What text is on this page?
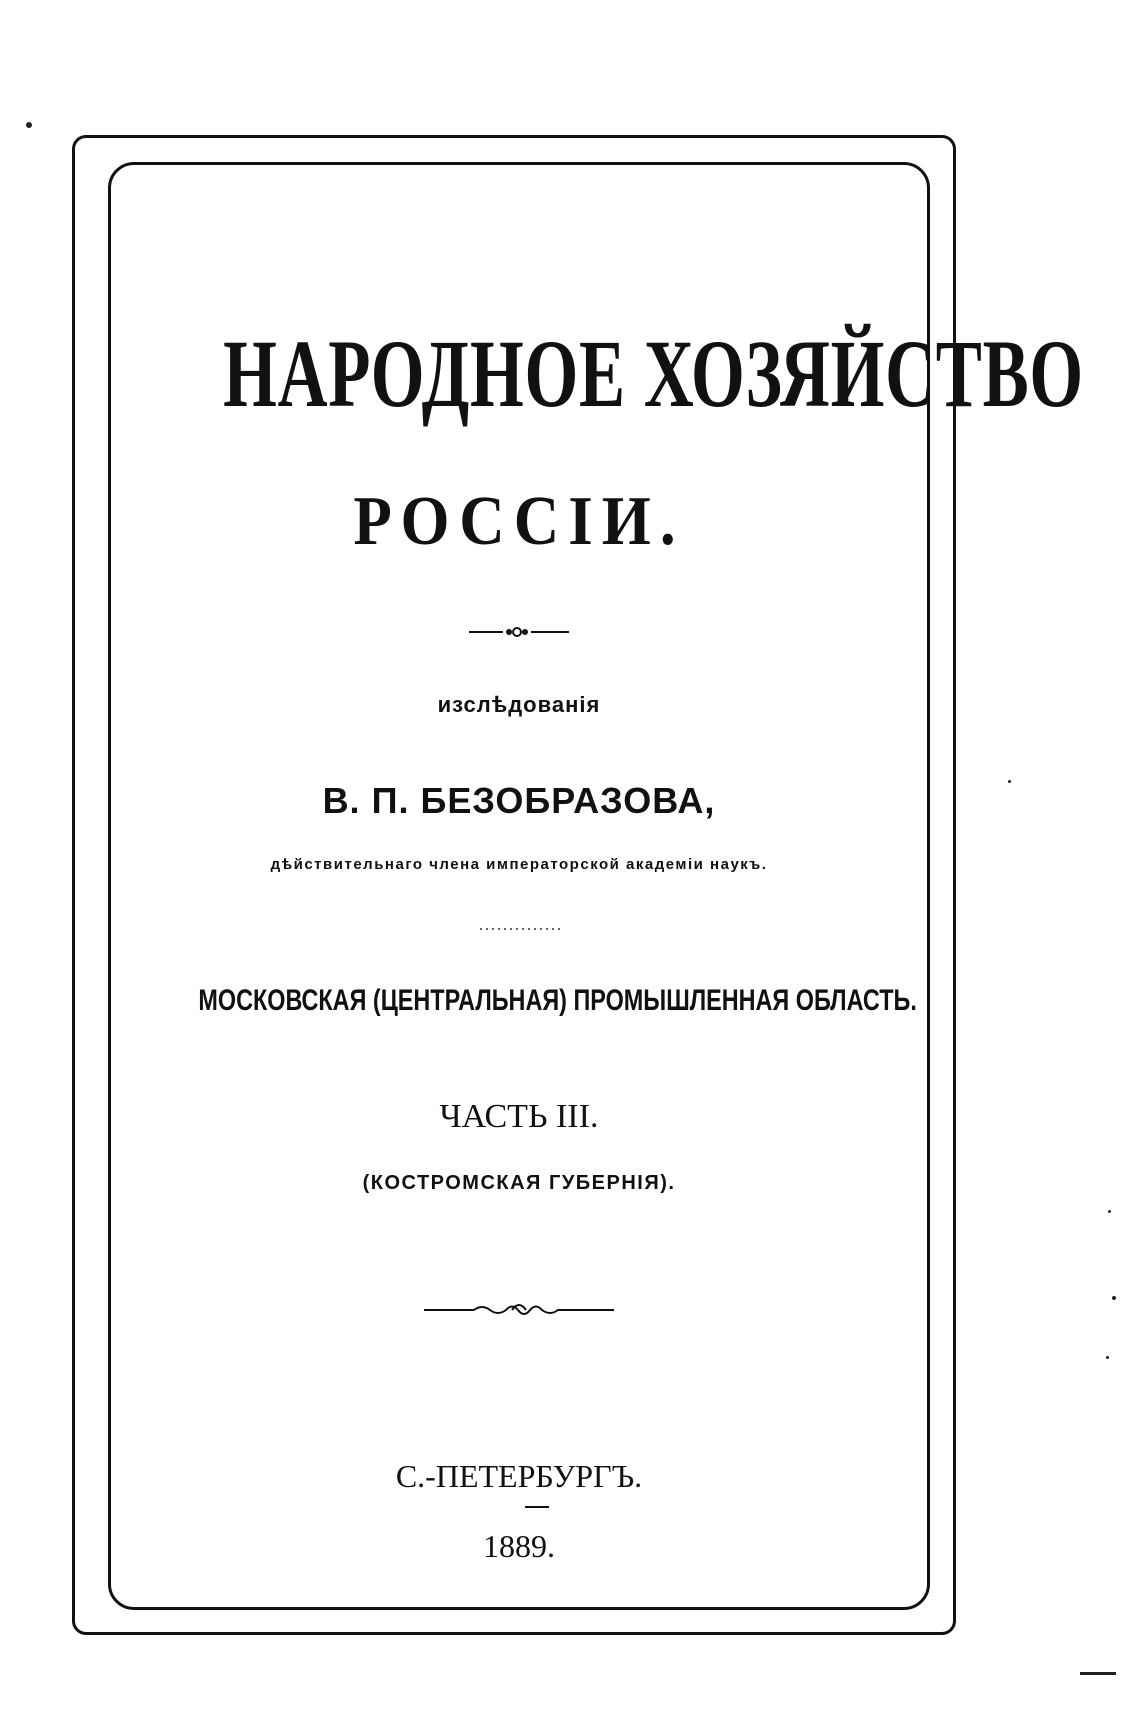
НАРОДНОЕ ХОЗЯЙСТВО
РОССIИ.
изслѣдованiя
В. П. БЕЗОБРАЗОВА,
дѣйствительнаго члена императорской академiи наукъ.
МОСКОВСКАЯ (ЦЕНТРАЛЬНАЯ) ПРОМЫШЛЕННАЯ ОБЛАСТЬ.
ЧАСТЬ III.
(КОСТРОМСКАЯ ГУБЕРНIЯ).
С.-ПЕТЕРБУРГЪ.
1889.
